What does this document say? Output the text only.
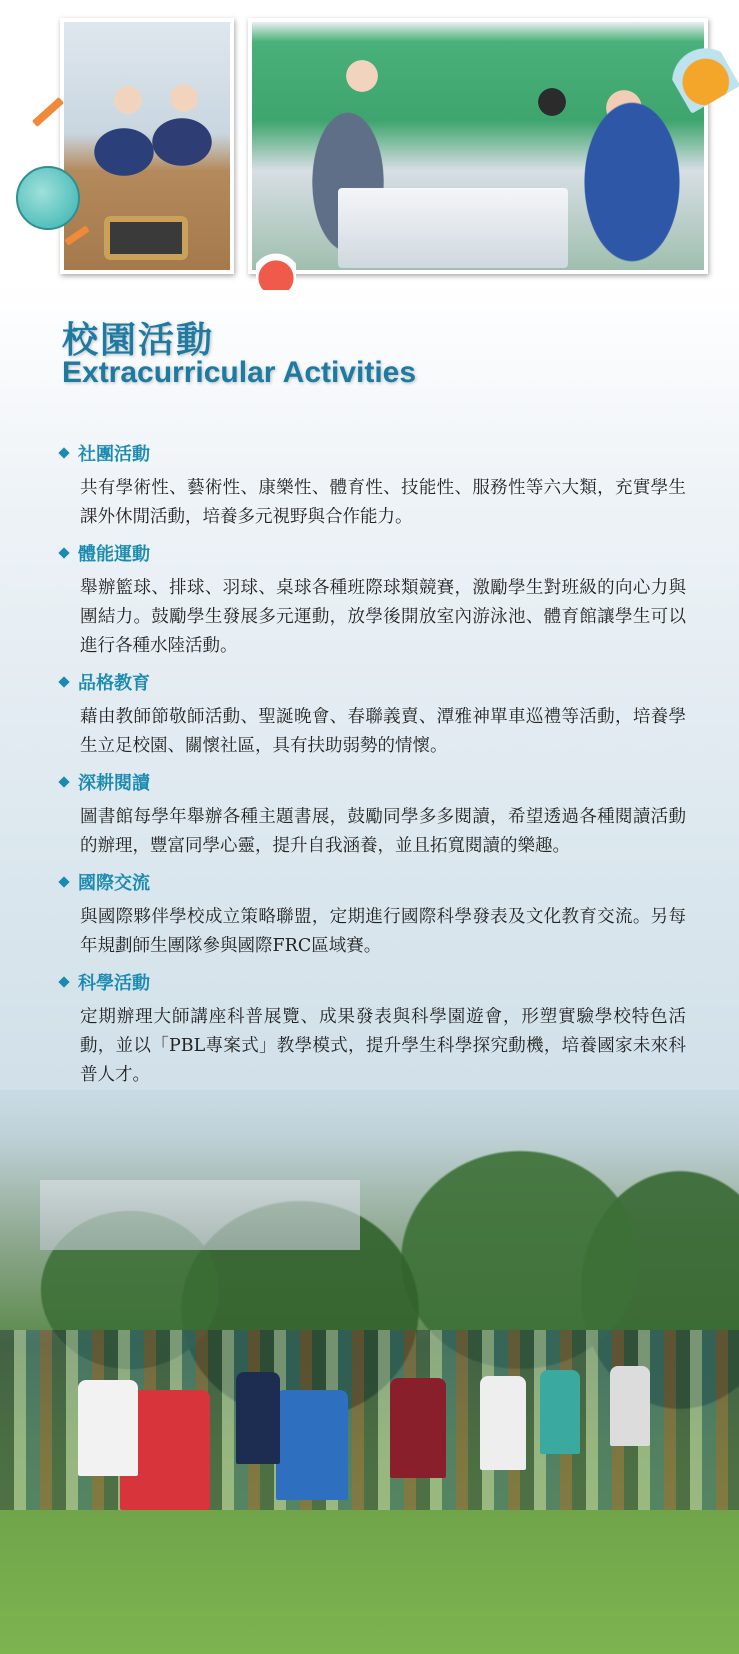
校園活動
Extracurricular Activities
社團活動

共有學術性、藝術性、康樂性、體育性、技能性、服務性等六大類，充實學生課外休閒活動，培養多元視野與合作能力。

體能運動

舉辦籃球、排球、羽球、桌球各種班際球類競賽，激勵學生對班級的向心力與團結力。鼓勵學生發展多元運動，放學後開放室內游泳池、體育館讓學生可以進行各種水陸活動。

品格教育

藉由教師節敬師活動、聖誕晚會、春聯義賣、潭雅神單車巡禮等活動，培養學生立足校園、關懷社區，具有扶助弱勢的情懷。

深耕閱讀

圖書館每學年舉辦各種主題書展，鼓勵同學多多閱讀，希望透過各種閱讀活動的辦理，豐富同學心靈，提升自我涵養，並且拓寬閱讀的樂趣。

國際交流

與國際夥伴學校成立策略聯盟，定期進行國際科學發表及文化教育交流。另每年規劃師生團隊參與國際FRC區域賽。

科學活動

定期辦理大師講座科普展覽、成果發表與科學園遊會，形塑實驗學校特色活動，並以「PBL專案式」教學模式，提升學生科學探究動機，培養國家未來科普人才。
